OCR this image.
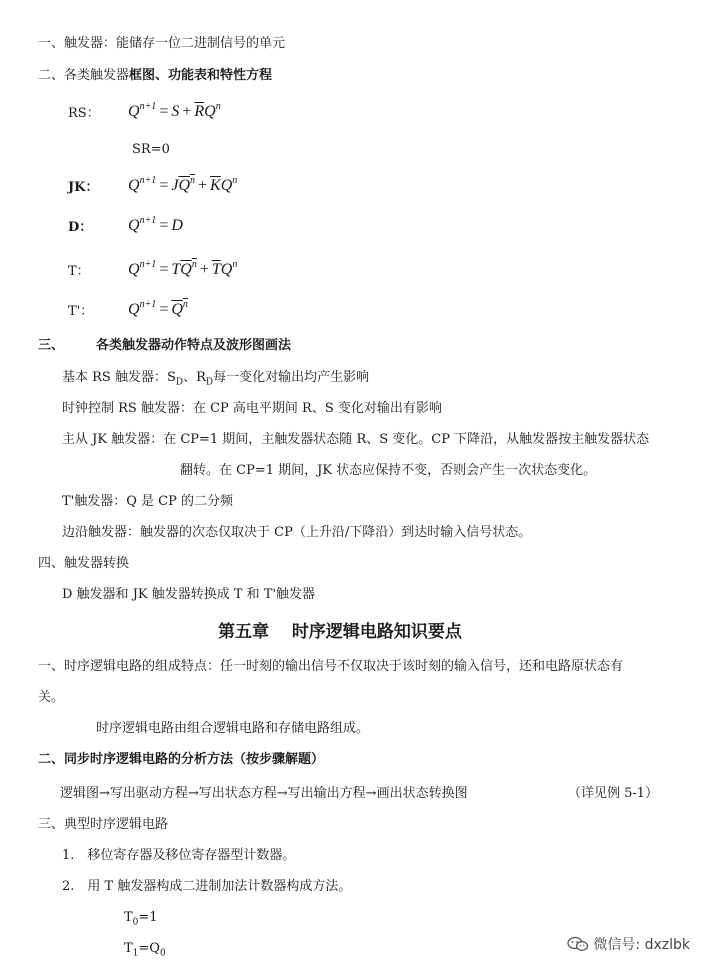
一、触发器：能储存一位二进制信号的单元
二、各类触发器框图、功能表和特性方程
RS： $Q^{n+1} = S + \overline{R}Q^n$
SR=0
JK： $Q^{n+1} = JQ^n + \overline{K}Q^n$
D： $Q^{n+1} = D$
T： $Q^{n+1} = TQ^n + \overline{T}Q^n$
T'： $Q^{n+1} = Q^n$
三、 各类触发器动作特点及波形图画法
基本 RS 触发器：$S_D$、$R_D$每一变化对输出均产生影响
时钟控制 RS 触发器：在 CP 高电平期间 R、S 变化对输出有影响
主从 JK 触发器：在 CP=1 期间，主触发器状态随 R、S 变化。CP 下降沿，从触发器按主触发器状态
翻转。在 CP=1 期间，JK 状态应保持不变，否则会产生一次状态变化。
T'触发器：Q 是 CP 的二分频
边沿触发器：触发器的次态仅取决于 CP（上升沿/下降沿）到达时输入信号状态。
四、触发器转换
D 触发器和 JK 触发器转换成 T 和 T'触发器
第五章　 时序逻辑电路知识要点
一、时序逻辑电路的组成特点：任一时刻的输出信号不仅取决于该时刻的输入信号，还和电路原状态有
关。
时序逻辑电路由组合逻辑电路和存储电路组成。
二、同步时序逻辑电路的分析方法（按步骤解题）
逻辑图→写出驱动方程→写出状态方程→写出输出方程→画出状态转换图	（详见例 5-1）
三、典型时序逻辑电路
1.　移位寄存器及移位寄存器型计数器。
2.　用 T 触发器构成二进制加法计数器构成方法。
$T_0=1$
$T_1=Q_0$
微信号: dxzlbk
